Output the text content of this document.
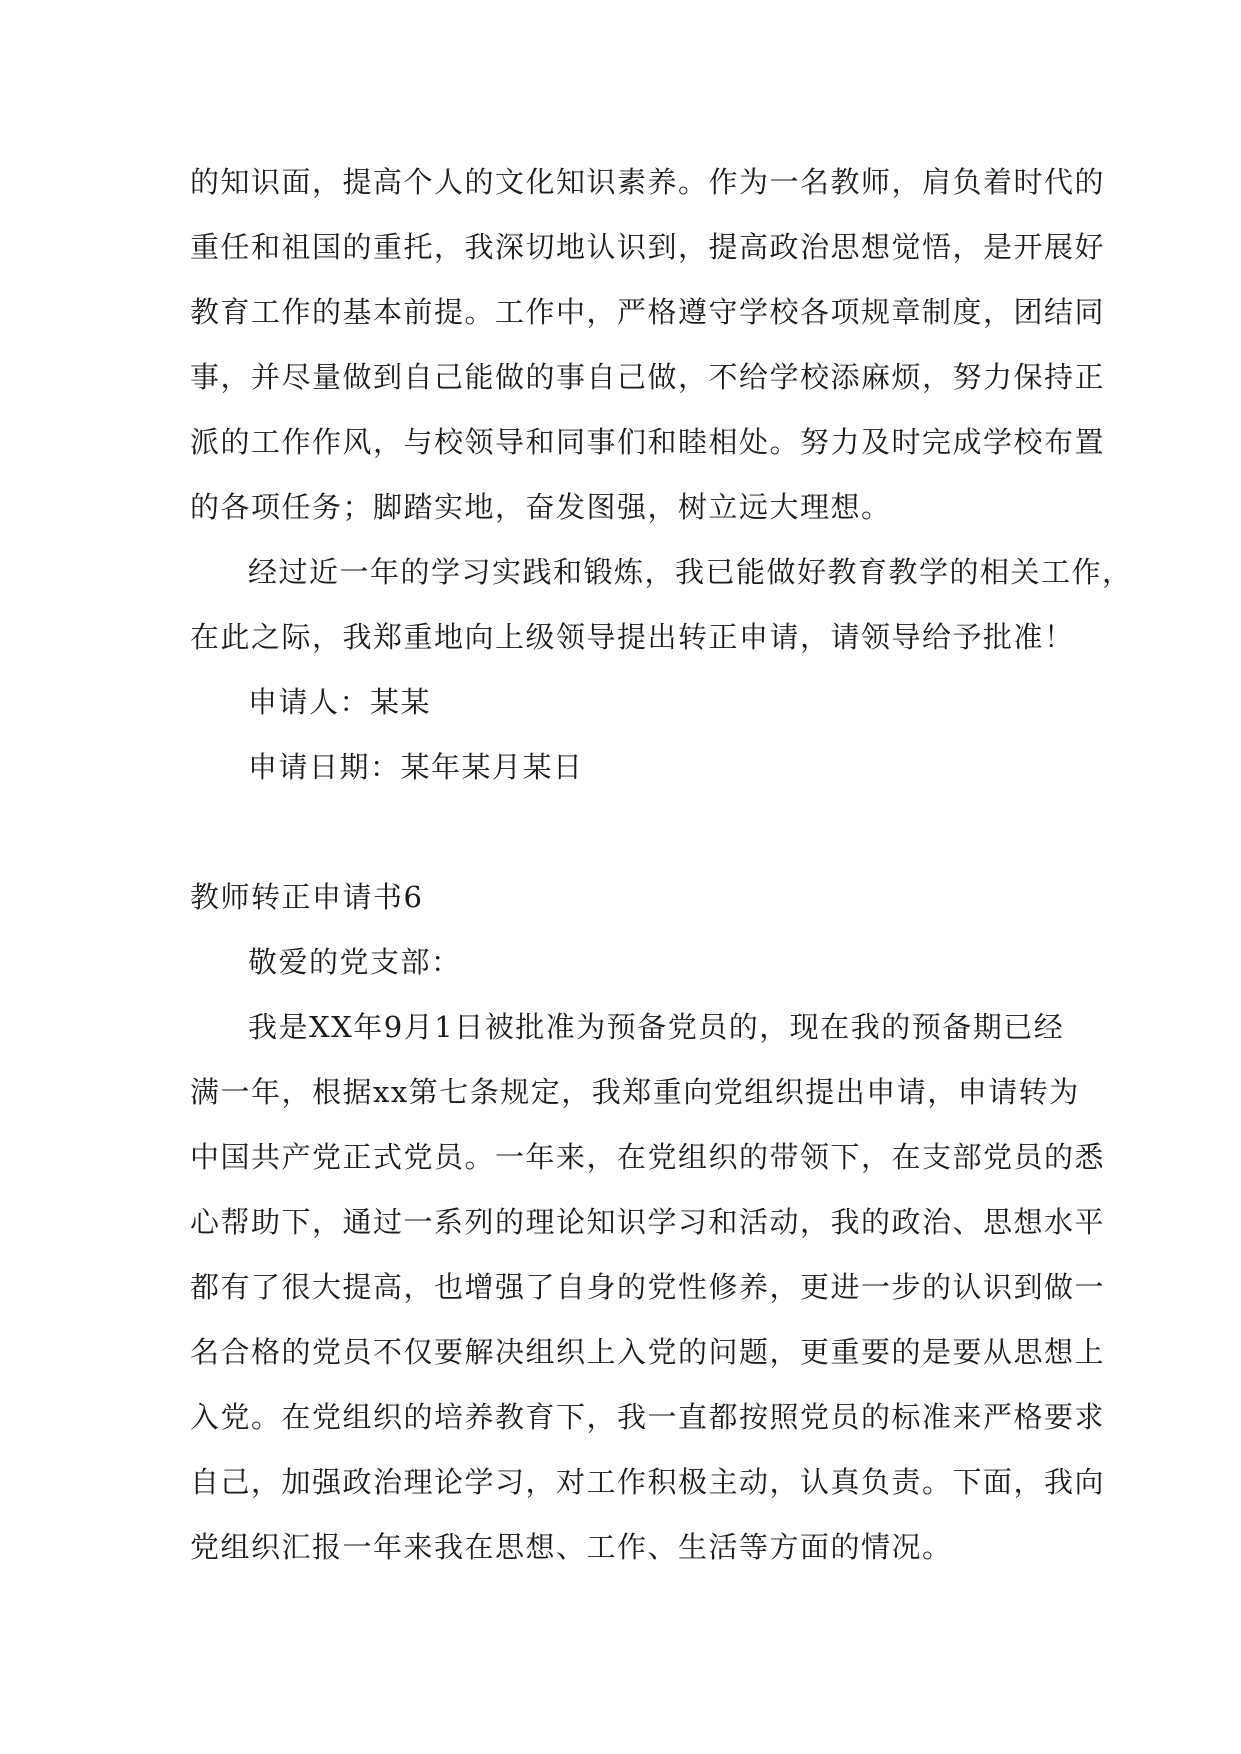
的知识面，提高个人的文化知识素养。作为一名教师，肩负着时代的
重任和祖国的重托，我深切地认识到，提高政治思想觉悟，是开展好
教育工作的基本前提。工作中，严格遵守学校各项规章制度，团结同
事，并尽量做到自己能做的事自己做，不给学校添麻烦，努力保持正
派的工作作风，与校领导和同事们和睦相处。努力及时完成学校布置
的各项任务；脚踏实地，奋发图强，树立远大理想。
经过近一年的学习实践和锻炼，我已能做好教育教学的相关工作，
在此之际，我郑重地向上级领导提出转正申请，请领导给予批准！
申请人：某某
申请日期：某年某月某日
教师转正申请书6
敬爱的党支部：
我是XX年9月1日被批准为预备党员的，现在我的预备期已经
满一年，根据xx第七条规定，我郑重向党组织提出申请，申请转为
中国共产党正式党员。一年来，在党组织的带领下，在支部党员的悉
心帮助下，通过一系列的理论知识学习和活动，我的政治、思想水平
都有了很大提高，也增强了自身的党性修养，更进一步的认识到做一
名合格的党员不仅要解决组织上入党的问题，更重要的是要从思想上
入党。在党组织的培养教育下，我一直都按照党员的标准来严格要求
自己，加强政治理论学习，对工作积极主动，认真负责。下面，我向
党组织汇报一年来我在思想、工作、生活等方面的情况。
